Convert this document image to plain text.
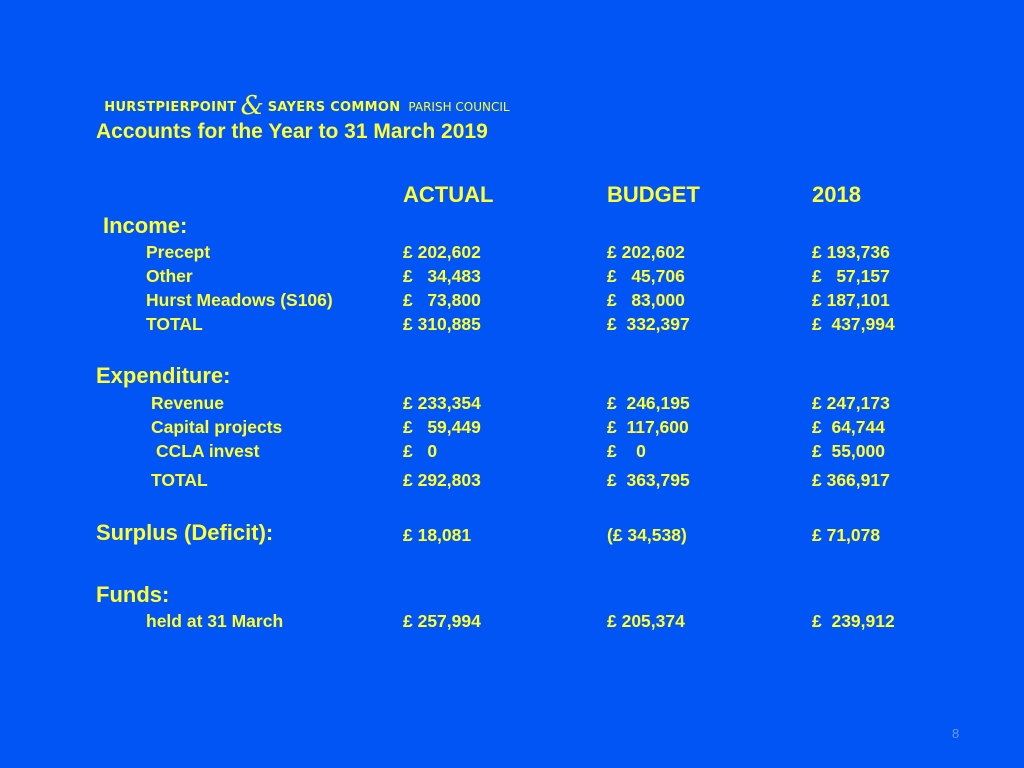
HURSTPIERPOINT & SAYERS COMMON PARISH COUNCIL

Accounts for the Year to 31 March 2019
ACTUAL	BUDGET	2018
Income:
Precept	£ 202,602	£ 202,602	£ 193,736
Other	£   34,483	£   45,706	£   57,157
Hurst Meadows (S106)	£   73,800	£   83,000	£ 187,101
TOTAL	£ 310,885	£  332,397	£  437,994
Expenditure:
Revenue	£ 233,354	£  246,195	£ 247,173
Capital projects	£   59,449	£  117,600	£  64,744
CCLA invest	£   0	£    0	£  55,000
TOTAL	£ 292,803	£  363,795	£ 366,917
Surplus (Deficit):	£ 18,081	(£ 34,538)	£ 71,078
Funds:
held at 31 March	£ 257,994	£ 205,374	£  239,912
8
